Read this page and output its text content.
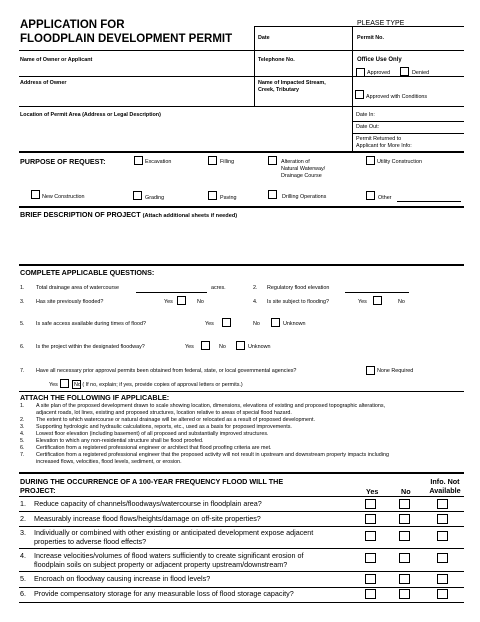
APPLICATION FOR
FLOODPLAIN DEVELOPMENT PERMIT
PLEASE TYPE
Date	Permit No.
Name of Owner or Applicant	Telephone No.	Office Use Only
Approved	Denied
Address of Owner	Name of Impacted Stream,
Creek, Tributary
Approved with Conditions
Location of Permit Area (Address or Legal Description)	Date In:
Date Out:
Permit Returned to
Applicant for More Info:
PURPOSE OF REQUEST:	Excavation	Filling	Alteration of
Natural Waterway/
Drainage Course
Utility Construction
New Construction	Grading	Paving	Drilling Operations	Other
BRIEF DESCRIPTION OF PROJECT (Attach additional sheets if needed)
COMPLETE APPLICABLE QUESTIONS:
1. Total drainage area of watercourse	acres.	2. Regulatory flood elevation
3. Has site previously flooded?	Yes	No	4. Is site subject to flooding?	Yes	No
5. Is safe access available during times of flood?	Yes	No	Unknown
6. Is the project within the designated floodway?	Yes	No	Unknown
7. Have all necessary prior approval permits been obtained from federal, state, or local governmental agencies?	None Required
Yes	No ( If no, explain; if yes, provide copies of approval letters or permits.)
ATTACH THE FOLLOWING IF APPLICABLE:
1. A site plan of the proposed development drawn to scale showing location, dimensions, elevations of existing and proposed topographic alterations,
adjacent roads, lot lines, existing and proposed structures, location relative to areas of special flood hazard.
2. The extent to which watercourse or natural drainage will be altered or relocated as a result of proposed development.
3. Supporting hydrologic and hydraulic calculations, reports, etc., used as a basis for proposed improvements.
4. Lowest floor elevation (including basement) of all proposed and substantially improved structures.
5. Elevation to which any non-residential structure shall be flood proofed.
6. Certification from a registered professional engineer or architect that flood proofing criteria are met.
7. Certification from a registered professional engineer that the proposed activity will not result in upstream and downstream property impacts including
increased flows, velocities, flood levels, sediment, or erosion.
DURING THE OCCURRENCE OF A 100-YEAR FREQUENCY FLOOD WILL THE
PROJECT:	Yes	No
Info. Not
Available
1. Reduce capacity of channels/floodways/watercourse in floodplain area?
2. Measurably increase flood flows/heights/damage on off-site properties?
3. Individually or combined with other existing or anticipated development expose adjacent
properties to adverse flood effects?
4. Increase velocities/volumes of flood waters sufficiently to create significant erosion of
floodplain soils on subject property or adjacent property upstream/downstream?
5. Encroach on floodway causing increase in flood levels?
6. Provide compensatory storage for any measurable loss of flood storage capacity?
